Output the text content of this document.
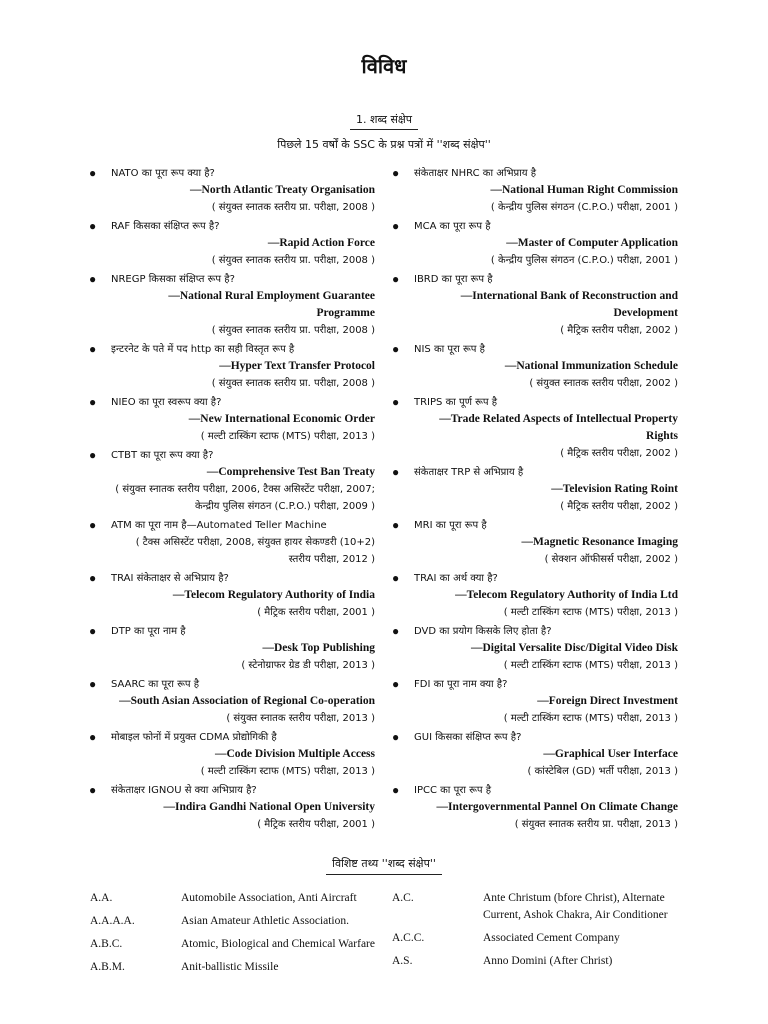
विविध
1. शब्द संक्षेप
पिछले 15 वर्षों के SSC के प्रश्न पत्रों में ''शब्द संक्षेप''
● NATO का पूरा रूप क्या है?
—North Atlantic Treaty Organisation
( संयुक्त स्नातक स्तरीय प्रा. परीक्षा, 2008 )
● RAF किसका संक्षिप्त रूप है?
—Rapid Action Force
( संयुक्त स्नातक स्तरीय प्रा. परीक्षा, 2008 )
● NREGP किसका संक्षिप्त रूप है?
—National Rural Employment Guarantee Programme
( संयुक्त स्नातक स्तरीय प्रा. परीक्षा, 2008 )
● इन्टरनेट के पते में पद http का सही विस्तृत रूप है
—Hyper Text Transfer Protocol
( संयुक्त स्नातक स्तरीय प्रा. परीक्षा, 2008 )
● NIEO का पूरा स्वरूप क्या है?
—New International Economic Order
( मल्टी टास्किंग स्टाफ (MTS) परीक्षा, 2013 )
● CTBT का पूरा रूप क्या है?
—Comprehensive Test Ban Treaty
( संयुक्त स्नातक स्तरीय परीक्षा, 2006, टैक्स असिस्टेंट परीक्षा, 2007; केन्द्रीय पुलिस संगठन (C.P.O.) परीक्षा, 2009 )
● ATM का पूरा नाम है—Automated Teller Machine
( टैक्स असिस्टेंट परीक्षा, 2008, संयुक्त हायर सेकण्डरी (10+2) स्तरीय परीक्षा, 2012 )
● TRAI संकेताक्षर से अभिप्राय है?
—Telecom Regulatory Authority of India
( मैट्रिक स्तरीय परीक्षा, 2001 )
● DTP का पूरा नाम है
—Desk Top Publishing
( स्टेनोग्राफर ग्रेड डी परीक्षा, 2013 )
● SAARC का पूरा रूप है
—South Asian Association of Regional Co-operation
( संयुक्त स्नातक स्तरीय परीक्षा, 2013 )
● मोबाइल फोनों में प्रयुक्त CDMA प्रोद्योगिकी है
—Code Division Multiple Access
( मल्टी टास्किंग स्टाफ (MTS) परीक्षा, 2013 )
● संकेताक्षर IGNOU से क्या अभिप्राय है?
—Indira Gandhi National Open University
( मैट्रिक स्तरीय परीक्षा, 2001 )
● संकेताक्षर NHRC का अभिप्राय है
—National Human Right Commission
( केन्द्रीय पुलिस संगठन (C.P.O.) परीक्षा, 2001 )
● MCA का पूरा रूप है
—Master of Computer Application
( केन्द्रीय पुलिस संगठन (C.P.O.) परीक्षा, 2001 )
● IBRD का पूरा रूप है
—International Bank of Reconstruction and Development
( मैट्रिक स्तरीय परीक्षा, 2002 )
● NIS का पूरा रूप है
—National Immunization Schedule
( संयुक्त स्नातक स्तरीय परीक्षा, 2002 )
● TRIPS का पूर्ण रूप है
—Trade Related Aspects of Intellectual Property Rights
( मैट्रिक स्तरीय परीक्षा, 2002 )
● संकेताक्षर TRP से अभिप्राय है
—Television Rating Roint
( मैट्रिक स्तरीय परीक्षा, 2002 )
● MRI का पूरा रूप है
—Magnetic Resonance Imaging
( सेक्शन ऑफीसर्स परीक्षा, 2002 )
● TRAI का अर्थ क्या है?
—Telecom Regulatory Authority of India Ltd
( मल्टी टास्किंग स्टाफ (MTS) परीक्षा, 2013 )
● DVD का प्रयोग किसके लिए होता है?
—Digital Versalite Disc/Digital Video Disk
( मल्टी टास्किंग स्टाफ (MTS) परीक्षा, 2013 )
● FDI का पूरा नाम क्या है?
—Foreign Direct Investment
( मल्टी टास्किंग स्टाफ (MTS) परीक्षा, 2013 )
● GUI किसका संक्षिप्त रूप है?
—Graphical User Interface
( कांस्टेबिल (GD) भर्ती परीक्षा, 2013 )
● IPCC का पूरा रूप है
—Intergovernmental Pannel On Climate Change
( संयुक्त स्नातक स्तरीय प्रा. परीक्षा, 2013 )
विशिष्ट तथ्य ''शब्द संक्षेप''
A.A.	Automobile Association, Anti Aircraft
A.A.A.A.	Asian Amateur Athletic Association.
A.B.C.	Atomic, Biological and Chemical Warfare
A.B.M.	Anit-ballistic Missile
A.C.	Ante Christum (bfore Christ), Alternate Current, Ashok Chakra, Air Conditioner
A.C.C.	Associated Cement Company
A.S.	Anno Domini (After Christ)
